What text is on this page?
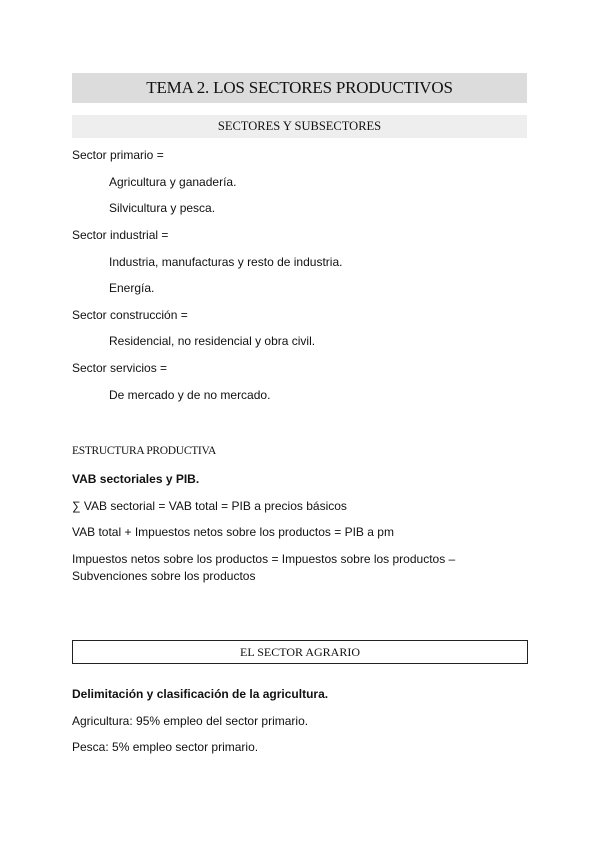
TEMA 2. LOS SECTORES PRODUCTIVOS
SECTORES Y SUBSECTORES
Sector primario =
Agricultura y ganadería.
Silvicultura y pesca.
Sector industrial =
Industria, manufacturas y resto de industria.
Energía.
Sector construcción =
Residencial, no residencial y obra civil.
Sector servicios =
De mercado y de no mercado.
ESTRUCTURA PRODUCTIVA
VAB sectoriales y PIB.
∑ VAB sectorial = VAB total = PIB a precios básicos
VAB total + Impuestos netos sobre los productos = PIB a pm
Impuestos netos sobre los productos = Impuestos sobre los productos – Subvenciones sobre los productos
EL SECTOR AGRARIO
Delimitación y clasificación de la agricultura.
Agricultura: 95% empleo del sector primario.
Pesca: 5% empleo sector primario.
